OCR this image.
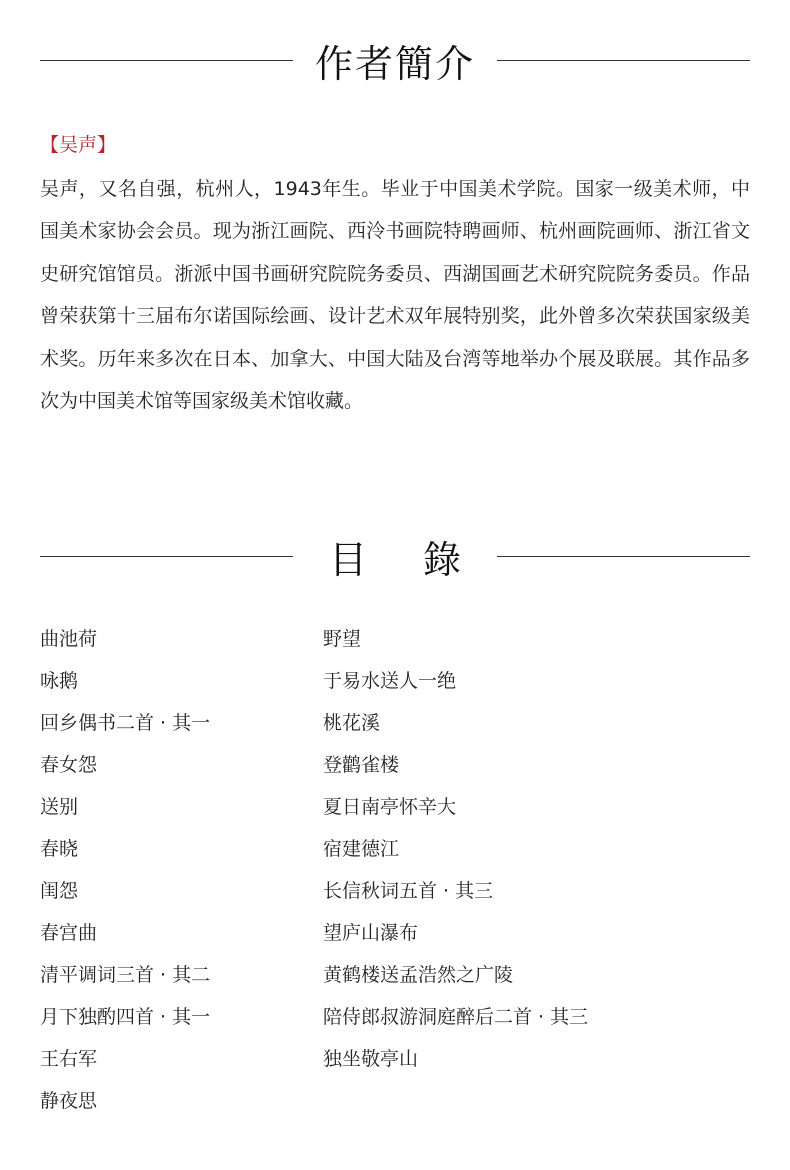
作者簡介
【吴声】

吴声，又名自强，杭州人，1943年生。毕业于中国美术学院。国家一级美术师，中国美术家协会会员。现为浙江画院、西泠书画院特聘画师、杭州画院画师、浙江省文史研究馆馆员。浙派中国书画研究院院务委员、西湖国画艺术研究院院务委员。作品曾荣获第十三届布尔诺国际绘画、设计艺术双年展特别奖，此外曾多次荣获国家级美术奖。历年来多次在日本、加拿大、中国大陆及台湾等地举办个展及联展。其作品多次为中国美术馆等国家级美术馆收藏。

目 錄
曲池荷
咏鹅
回乡偶书二首 · 其一
春女怨
送别
春晓
闺怨
春宫曲
清平调词三首 · 其二
月下独酌四首 · 其一
王右军
静夜思
野望
于易水送人一绝
桃花溪
登鹳雀楼
夏日南亭怀辛大
宿建德江
长信秋词五首 · 其三
望庐山瀑布
黄鹤楼送孟浩然之广陵
陪侍郎叔游洞庭醉后二首 · 其三
独坐敬亭山
